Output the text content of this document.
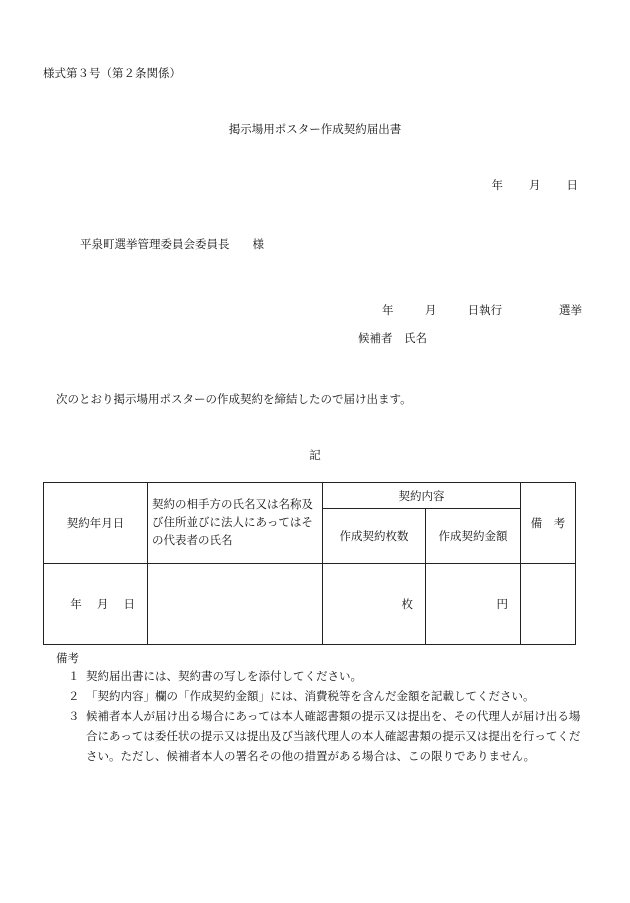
様式第３号（第２条関係）
掲示場用ポスター作成契約届出書
年 月 日
平泉町選挙管理委員会委員長　　様
年	月	日執行	選挙
候補者　氏名
次のとおり掲示場用ポスターの作成契約を締結したので届け出ます。
記
契約年月日	契約の相手方の氏名又は名称及び住所並びに法人にあってはその代表者の氏名	契約内容		備　考
		作成契約枚数	作成契約金額	
年　 月　 日		枚	円	
備考
１ 契約届出書には、契約書の写しを添付してください。
２ 「契約内容」欄の「作成契約金額」には、消費税等を含んだ金額を記載してください。
３ 候補者本人が届け出る場合にあっては本人確認書類の提示又は提出を、その代理人が届け出る場合にあっては委任状の提示又は提出及び当該代理人の本人確認書類の提示又は提出を行ってください。ただし、候補者本人の署名その他の措置がある場合は、この限りでありません。
